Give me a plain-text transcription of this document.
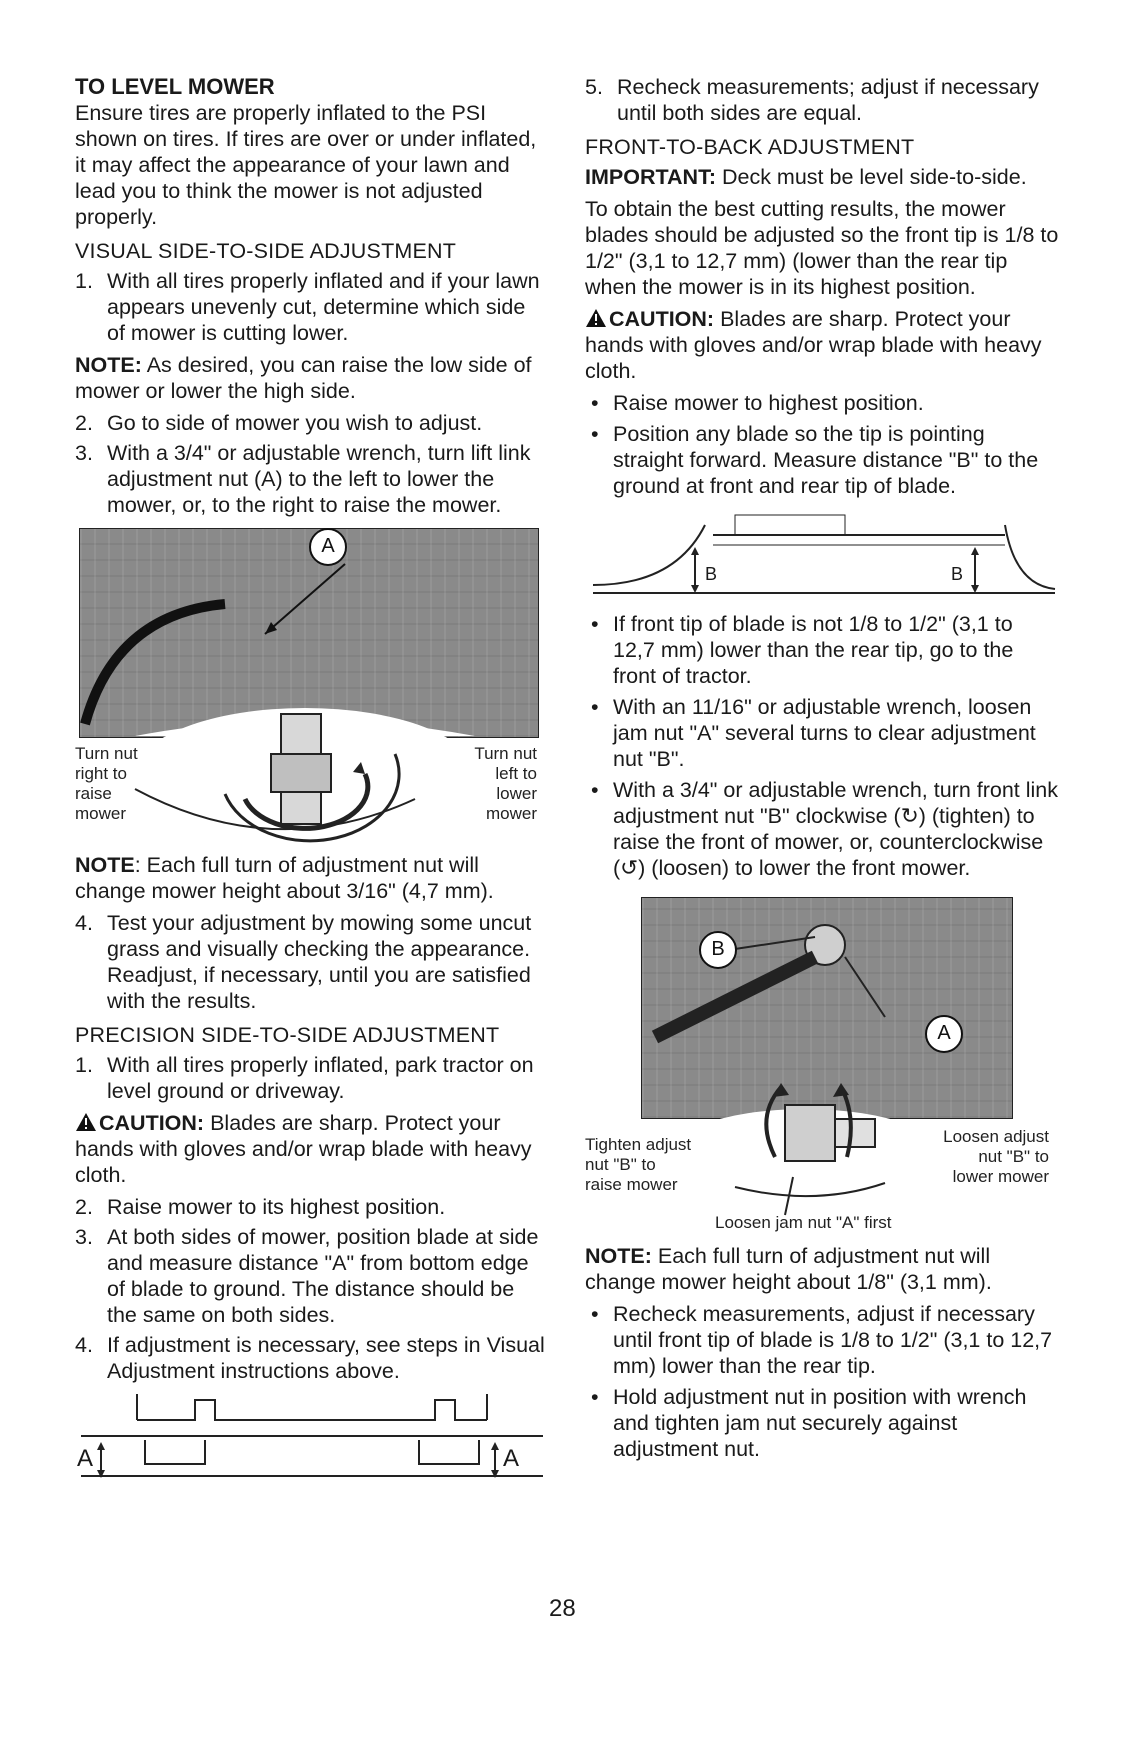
TO LEVEL MOWER

Ensure tires are properly inflated to the PSI shown on tires. If tires are over or under inflated, it may affect the appearance of your lawn and lead you to think the mower is not adjusted properly.

VISUAL SIDE-TO-SIDE ADJUSTMENT

1. With all tires properly inflated and if your lawn appears unevenly cut, determine which side of mower is cutting lower.

NOTE: As desired, you can raise the low side of mower or lower the high side.

2. Go to side of mower you wish to adjust.
3. With a 3/4" or adjustable wrench, turn lift link adjustment nut (A) to the left to lower the mower, or, to the right to raise the mower.
A
Turn nut
right to
raise
mower
Turn nut
left to
lower
mower

NOTE: Each full turn of adjustment nut will change mower height about 3/16" (4,7 mm).

4. Test your adjustment by mowing some uncut grass and visually checking the appearance. Readjust, if necessary, until you are satisfied with the results.

PRECISION SIDE-TO-SIDE ADJUSTMENT

1. With all tires properly inflated, park tractor on level ground or driveway.

CAUTION: Blades are sharp. Protect your hands with gloves and/or wrap blade with heavy cloth.

2. Raise mower to its highest position.
3. At both sides of mower, position blade at side and measure distance "A" from bottom edge of blade to ground. The distance should be the same on both sides.
4. If adjustment is necessary, see steps in Visual Adjustment instructions above.
A	A
5. Recheck measurements; adjust if necessary until both sides are equal.

FRONT-TO-BACK ADJUSTMENT

IMPORTANT: Deck must be level side-to-side.

To obtain the best cutting results, the mower blades should be adjusted so the front tip is 1/8 to 1/2" (3,1 to 12,7 mm) (lower than the rear tip when the mower is in its highest position.

CAUTION: Blades are sharp. Protect your hands with gloves and/or wrap blade with heavy cloth.

• Raise mower to highest position.
• Position any blade so the tip is pointing straight forward. Measure distance "B" to the ground at front and rear tip of blade.
B	B
• If front tip of blade is not 1/8 to 1/2" (3,1 to 12,7 mm) lower than the rear tip, go to the front of tractor.
• With an 11/16" or adjustable wrench, loosen jam nut "A" several turns to clear adjustment nut "B".
• With a 3/4" or adjustable wrench, turn front link adjustment nut "B" clockwise (↻) (tighten) to raise the front of mower, or, counterclockwise (↺) (loosen) to lower the front mower.
B
A
Tighten adjust
nut "B" to
raise mower
Loosen adjust
nut "B" to
lower mower
Loosen jam nut "A" first

NOTE: Each full turn of adjustment nut will change mower height about 1/8" (3,1 mm).

• Recheck measurements, adjust if necessary until front tip of blade is 1/8 to 1/2" (3,1 to 12,7 mm) lower than the rear tip.
• Hold adjustment nut in position with wrench and tighten jam nut securely against adjustment nut.
28
